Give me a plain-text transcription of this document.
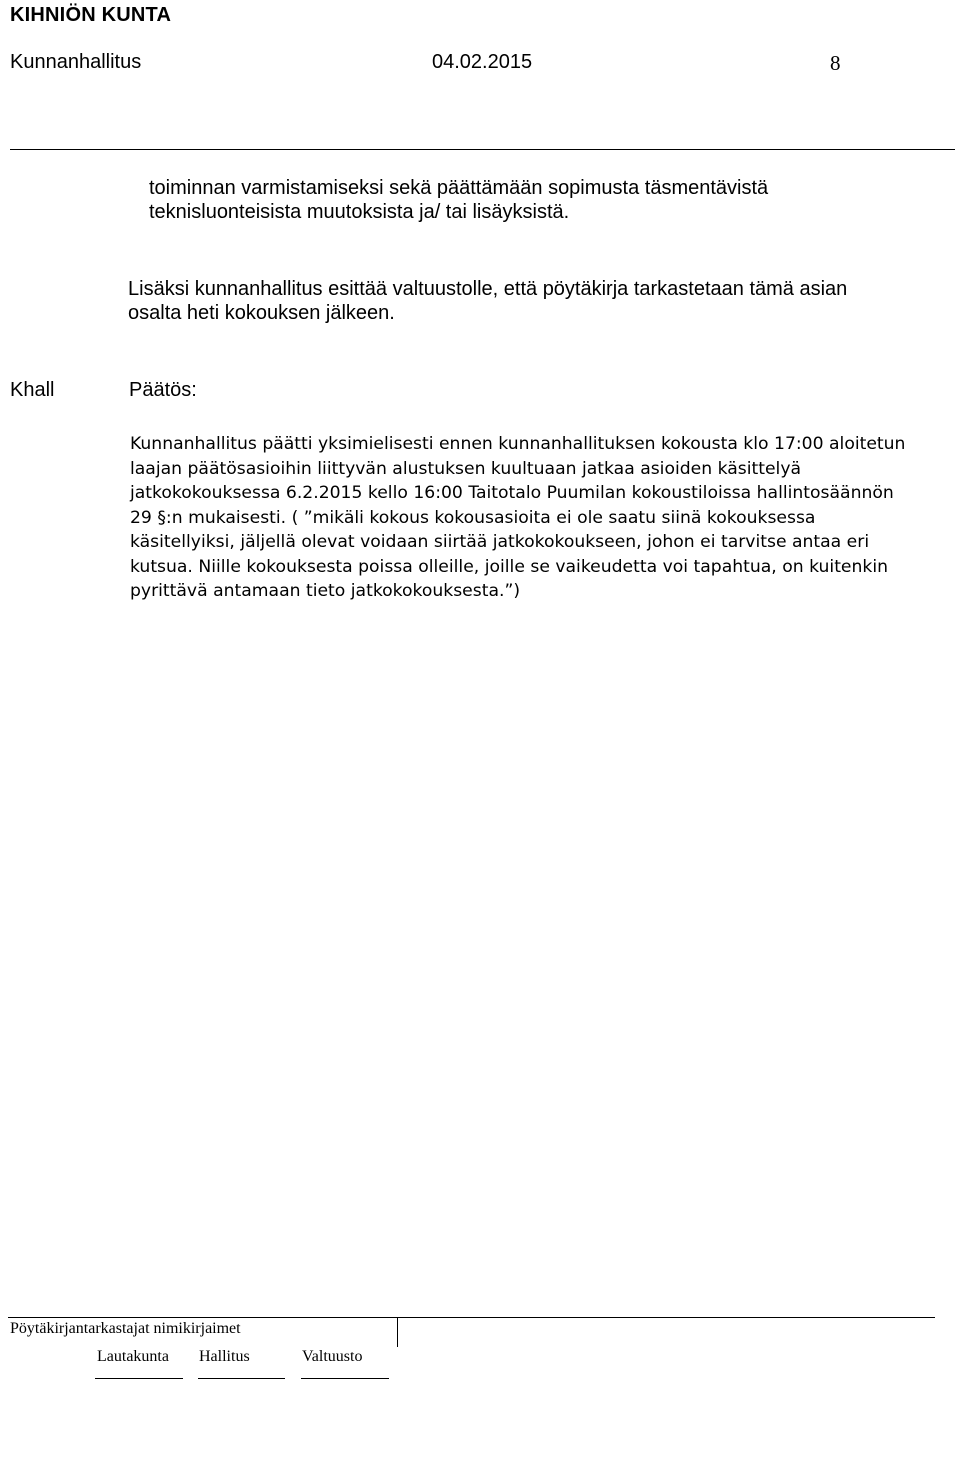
KIHNIÖN KUNTA
Kunnanhallitus	04.02.2015	8
toiminnan varmistamiseksi sekä päättämään sopimusta täsmentävistä
teknisluonteisista muutoksista ja/ tai lisäyksistä.
Lisäksi kunnanhallitus esittää valtuustolle, että pöytäkirja tarkastetaan tämä asian
osalta heti kokouksen jälkeen.
Khall	Päätös:
Kunnanhallitus päätti yksimielisesti ennen kunnanhallituksen kokousta klo 17:00 aloitetun
laajan päätösasioihin liittyvän alustuksen kuultuaan jatkaa asioiden käsittelyä
jatkokokouksessa 6.2.2015 kello 16:00 Taitotalo Puumilan kokoustiloissa hallintosäännön
29 §:n mukaisesti. ( ”mikäli kokous kokousasioita ei ole saatu siinä kokouksessa
käsitellyiksi, jäljellä olevat voidaan siirtää jatkokokoukseen, johon ei tarvitse antaa eri
kutsua. Niille kokouksesta poissa olleille, joille se vaikeudetta voi tapahtua, on kuitenkin
pyrittävä antamaan tieto jatkokokouksesta.”)
Pöytäkirjantarkastajat nimikirjaimet
Lautakunta Hallitus	Valtuusto
